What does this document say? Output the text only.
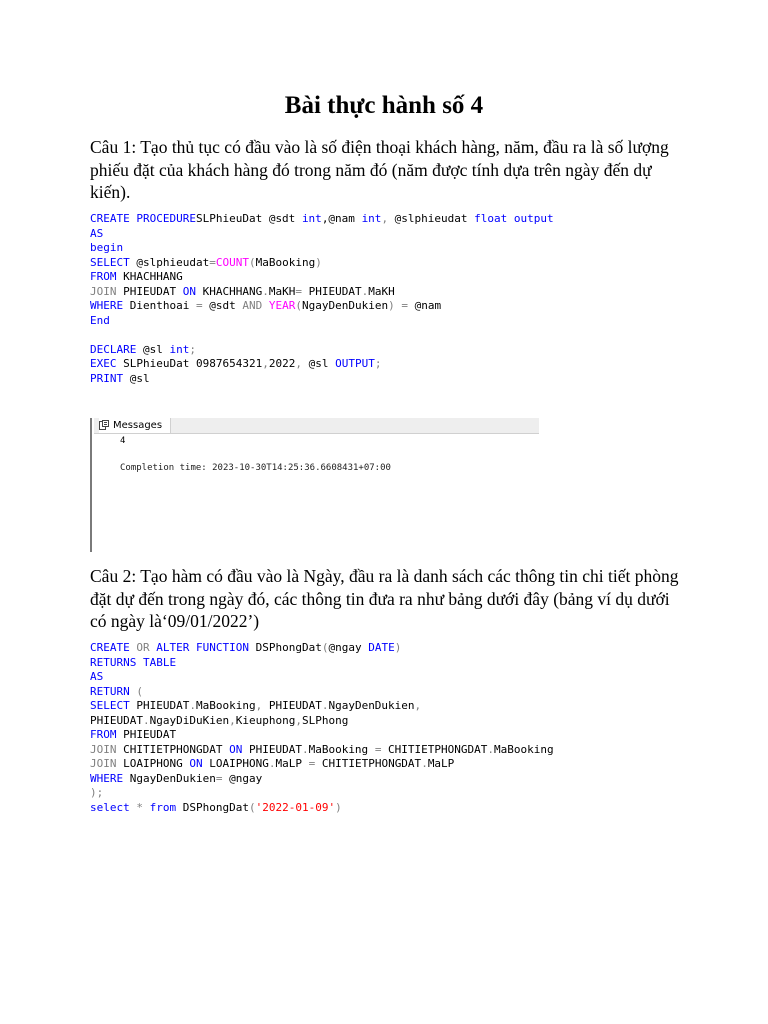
Bài thực hành số 4
Câu 1: Tạo thủ tục có đầu vào là số điện thoại khách hàng, năm, đầu ra là số lượng phiếu đặt của khách hàng đó trong năm đó (năm được tính dựa trên ngày đến dự kiến).
CREATE PROCEDURESLPhieuDat @sdt int,@nam int, @slphieudat float output
AS
begin
SELECT @slphieudat=COUNT(MaBooking)
FROM KHACHHANG
JOIN PHIEUDAT ON KHACHHANG.MaKH= PHIEUDAT.MaKH
WHERE Dienthoai = @sdt AND YEAR(NgayDenDukien) = @nam
End

DECLARE @sl int;
EXEC SLPhieuDat 0987654321,2022, @sl OUTPUT;
PRINT @sl
Messages
4
Completion time: 2023-10-30T14:25:36.6608431+07:00
Câu 2: Tạo hàm có đầu vào là Ngày, đầu ra là danh sách các thông tin chi tiết phòng đặt dự đến trong ngày đó, các thông tin đưa ra như bảng dưới đây (bảng ví dụ dưới có ngày là‘09/01/2022’)
CREATE OR ALTER FUNCTION DSPhongDat(@ngay DATE)
RETURNS TABLE
AS
RETURN (
SELECT PHIEUDAT.MaBooking, PHIEUDAT.NgayDenDukien,
PHIEUDAT.NgayDiDuKien,Kieuphong,SLPhong
FROM PHIEUDAT
JOIN CHITIETPHONGDAT ON PHIEUDAT.MaBooking = CHITIETPHONGDAT.MaBooking
JOIN LOAIPHONG ON LOAIPHONG.MaLP = CHITIETPHONGDAT.MaLP
WHERE NgayDenDukien= @ngay
);
select * from DSPhongDat('2022-01-09')
